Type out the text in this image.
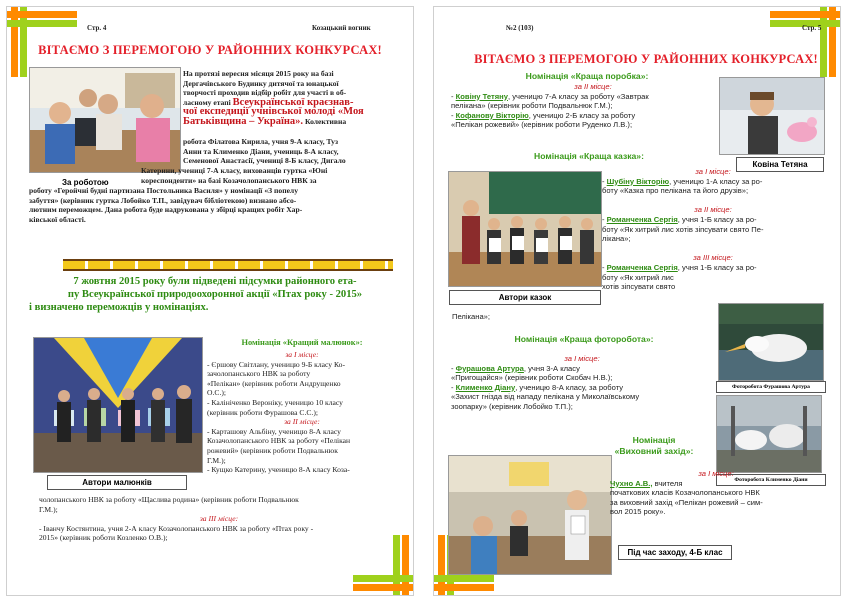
Стр. 4	Козацький вогник
ВІТАЄМО З ПЕРЕМОГОЮ У РАЙОННИХ КОНКУРСАХ!
За роботою
На протязі вересня місяця 2015 року на базі
Дергачівського Будинку дитячої та юнацької
творчості проходив відбір робіт для участі в об-
ласному етапі Всеукраїнської краєзнав-
чої експедиції учнівської молоді «Моя
Батьківщина – Україна». Колективна
робота Філатова Кирила, учня 9-А класу, Туз
Анни та Клименко Діани, учениць 8-А класу,
Семенової Анастасії, учениці 8-Б класу, Дигало
Катерини, учениці 7-А класу, вихованців гуртка «Юні
кореспонденти» на базі Козачолопанського НВК за
роботу «Геройчні будні партизана Постольника Василя» у номінації «З попелу
забуття» (керівник гуртка Лобойко Т.П., завідувач бібліотекою) визнано абсо-
лютним переможцем. Дана робота буде надрукована у збірці кращих робіт Хар-
ківської області.
7 жовтня 2015 року були підведені підсумки районного ета-
пу Всеукраїнської природоохоронної акції «Птах року - 2015»
і визначено переможців у номінаціях.
Автори малюнків
Номінація «Кращий малюнок»:
за І місце:
- Єршову Світлану, ученицю 9-Б класу Ко-
зачолопанського НВК за роботу
«Пелікан» (керівник роботи Андрущенко
О.С.);
- Калініченко Вероніку, ученицю 10 класу
(керівник роботи Фурашова С.С.);
за ІІ місце:
- Карташову Альбіну, ученицю 8-А класу
Козачолопанського НВК за роботу «Пелікан
рожевий» (керівник роботи Подвальнюк
Г.М.);
- Кущко Катерину, ученицю 8-А класу Коза-
чолопанського НВК за роботу «Щаслива родина» (керівник роботи Подвальнюк
Г.М.);
за ІІІ місце:
- Іванчу Костянтина, учня 2-А класу Козачолопанського НВК за роботу «Птах року -
2015» (керівник роботи Козленко О.В.);
№2 (103)	Стр. 5
ВІТАЄМО З ПЕРЕМОГОЮ У РАЙОННИХ КОНКУРСАХ!
Номінація «Краща поробка»:
за ІІ місце:
- Ковіну Тетяну, ученицю 7-А класу за роботу «Завтрак
пелікана» (керівник роботи Подвальнюк Г.М.);
- Кофанову Вікторію, ученицю 2-Б класу за роботу
«Пелікан рожевий» (керівник роботи Руденко Л.В.);
Ковіна Тетяна
Номінація «Краща казка»:
Автори казок
за І місце:
- Шубіну Вікторію, ученицю 1-А класу за ро-
боту «Казка про пелікана та його друзів»;

за ІІ місце:
- Романченка Сергія, учня 1-Б класу за ро-
боту «Як хитрий лис хотів зіпсувати свято Пе-
лікана»;

за ІІІ місце:
- Романченка Сергія, учня 1-Б класу за ро-
боту «Як хитрий лис
хотів зіпсувати свято
Пелікана»;
Фоторобота Фурашова Артура
Номінація «Краща фоторобота»:
за І місце:
- Фурашова Артура, учня 3-А класу
«Пригощайся» (керівник роботи Скобач Н.В.);
- Клименко Діану, ученицю 8-А класу, за роботу
«Захист гнізда від нападу пелікана у Миколаївському
зоопарку» (керівник Лобойко Т.П.);
Фоторобота Клименко Діани
Номінація
«Виховний захід»:
за І місце:
Чухно А.В., вчителя
початкових класів Козачолопанського НВК
за виховний захід «Пелікан рожевий – сим-
вол 2015 року».
Під час заходу, 4-Б клас
